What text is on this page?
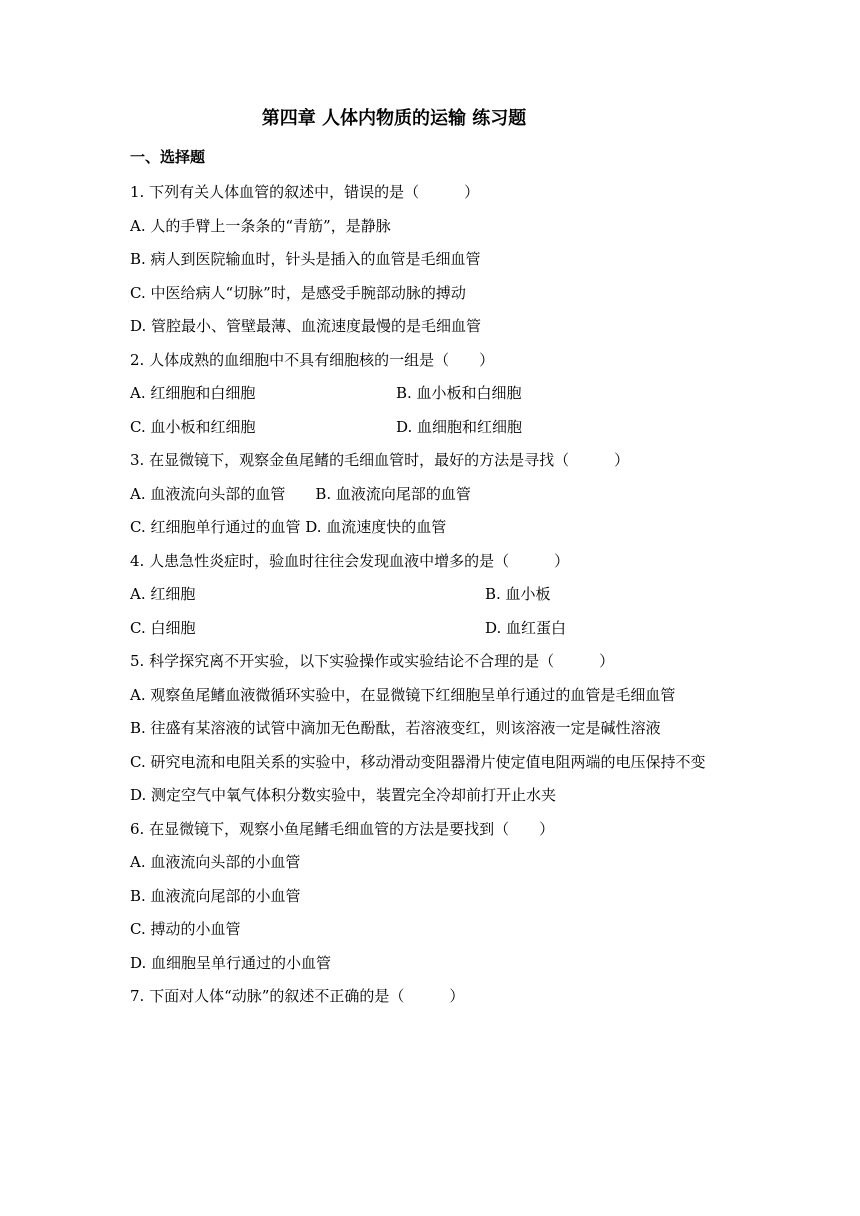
第四章 人体内物质的运输 练习题
一、选择题
1. 下列有关人体血管的叙述中，错误的是（　　　）
A. 人的手臂上一条条的“青筋”，是静脉
B. 病人到医院输血时，针头是插入的血管是毛细血管
C. 中医给病人“切脉”时，是感受手腕部动脉的搏动
D. 管腔最小、管壁最薄、血流速度最慢的是毛细血管
2. 人体成熟的血细胞中不具有细胞核的一组是（　　）
A. 红细胞和白细胞	B. 血小板和白细胞
C. 血小板和红细胞	D. 血细胞和红细胞
3. 在显微镜下，观察金鱼尾鳍的毛细血管时，最好的方法是寻找（　　　）
A. 血液流向头部的血管　　B. 血液流向尾部的血管
C. 红细胞单行通过的血管 D. 血流速度快的血管
4. 人患急性炎症时，验血时往往会发现血液中增多的是（　　　）
A. 红细胞	B. 血小板
C. 白细胞	D. 血红蛋白
5. 科学探究离不开实验，以下实验操作或实验结论不合理的是（　　　）
A. 观察鱼尾鳍血液微循环实验中，在显微镜下红细胞呈单行通过的血管是毛细血管
B. 往盛有某溶液的试管中滴加无色酚酞，若溶液变红，则该溶液一定是碱性溶液
C. 研究电流和电阻关系的实验中，移动滑动变阻器滑片使定值电阻两端的电压保持不变
D. 测定空气中氧气体积分数实验中，装置完全冷却前打开止水夹
6. 在显微镜下，观察小鱼尾鳍毛细血管的方法是要找到（　　）
A. 血液流向头部的小血管
B. 血液流向尾部的小血管
C. 搏动的小血管
D. 血细胞呈单行通过的小血管
7. 下面对人体“动脉”的叙述不正确的是（　　　）
